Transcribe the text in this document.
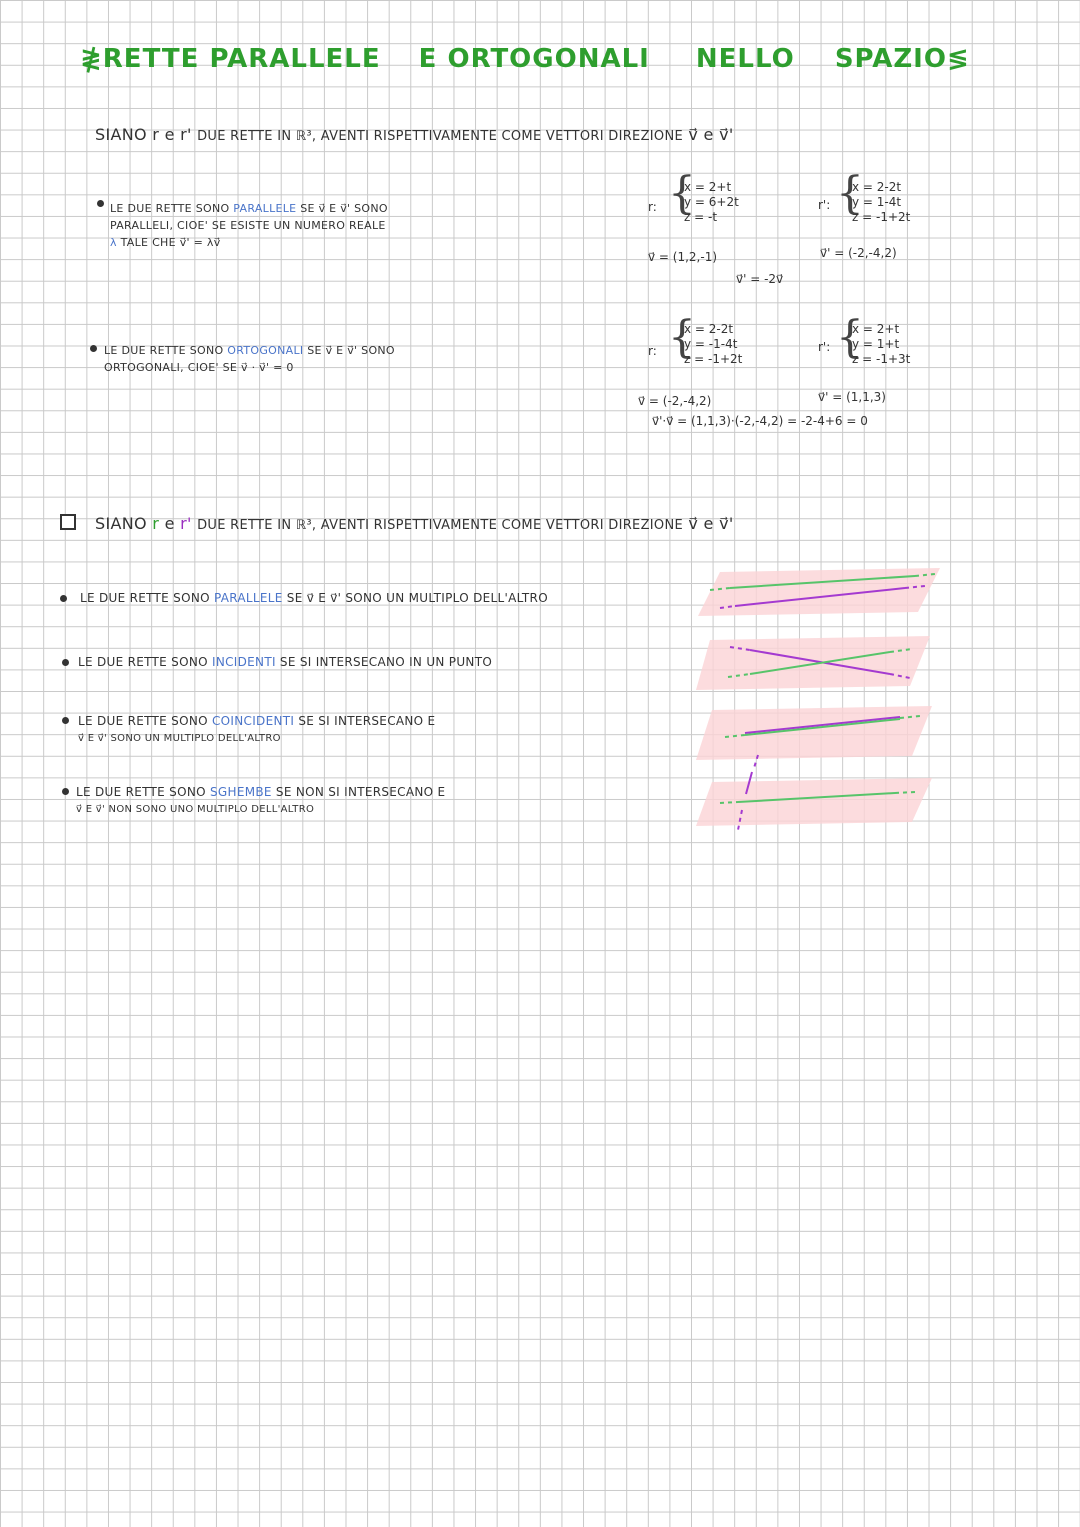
≹RETTE PARALLELE E ORTOGONALI NELLO SPAZIO≶
SIANO r e r' DUE RETTE IN ℝ³, AVENTI RISPETTIVAMENTE COME VETTORI DIREZIONE v⃗ e v⃗'
LE DUE RETTE SONO PARALLELE SE v⃗ E v⃗' SONO
PARALLELI, CIOE' SE ESISTE UN NUMERO REALE
λ TALE CHE v⃗' = λv⃗
r: {
x = 2+t
y = 6+2t
z = -t
r': {
x = 2-2t
y = 1-4t
z = -1+2t
v⃗ = (1,2,-1)	v⃗' = (-2,-4,2)
v⃗' = -2v⃗
LE DUE RETTE SONO ORTOGONALI SE v⃗ E v⃗' SONO
ORTOGONALI, CIOE' SE v⃗ · v⃗' = 0
r: {
x = 2-2t
y = -1-4t
z = -1+2t
r': {
x = 2+t
y = 1+t
z = -1+3t
v⃗ = (-2,-4,2)	v⃗' = (1,1,3)
v⃗'·v⃗ = (1,1,3)·(-2,-4,2) = -2-4+6 = 0
SIANO r e r' DUE RETTE IN ℝ³, AVENTI RISPETTIVAMENTE COME VETTORI DIREZIONE v⃗ e v⃗'
LE DUE RETTE SONO PARALLELE SE v⃗ E v⃗' SONO UN MULTIPLO DELL'ALTRO
LE DUE RETTE SONO INCIDENTI SE SI INTERSECANO IN UN PUNTO
LE DUE RETTE SONO COINCIDENTI SE SI INTERSECANO E
v⃗ E v⃗' SONO UN MULTIPLO DELL'ALTRO
LE DUE RETTE SONO SGHEMBE SE NON SI INTERSECANO E
v⃗ E v⃗' NON SONO UNO MULTIPLO DELL'ALTRO
